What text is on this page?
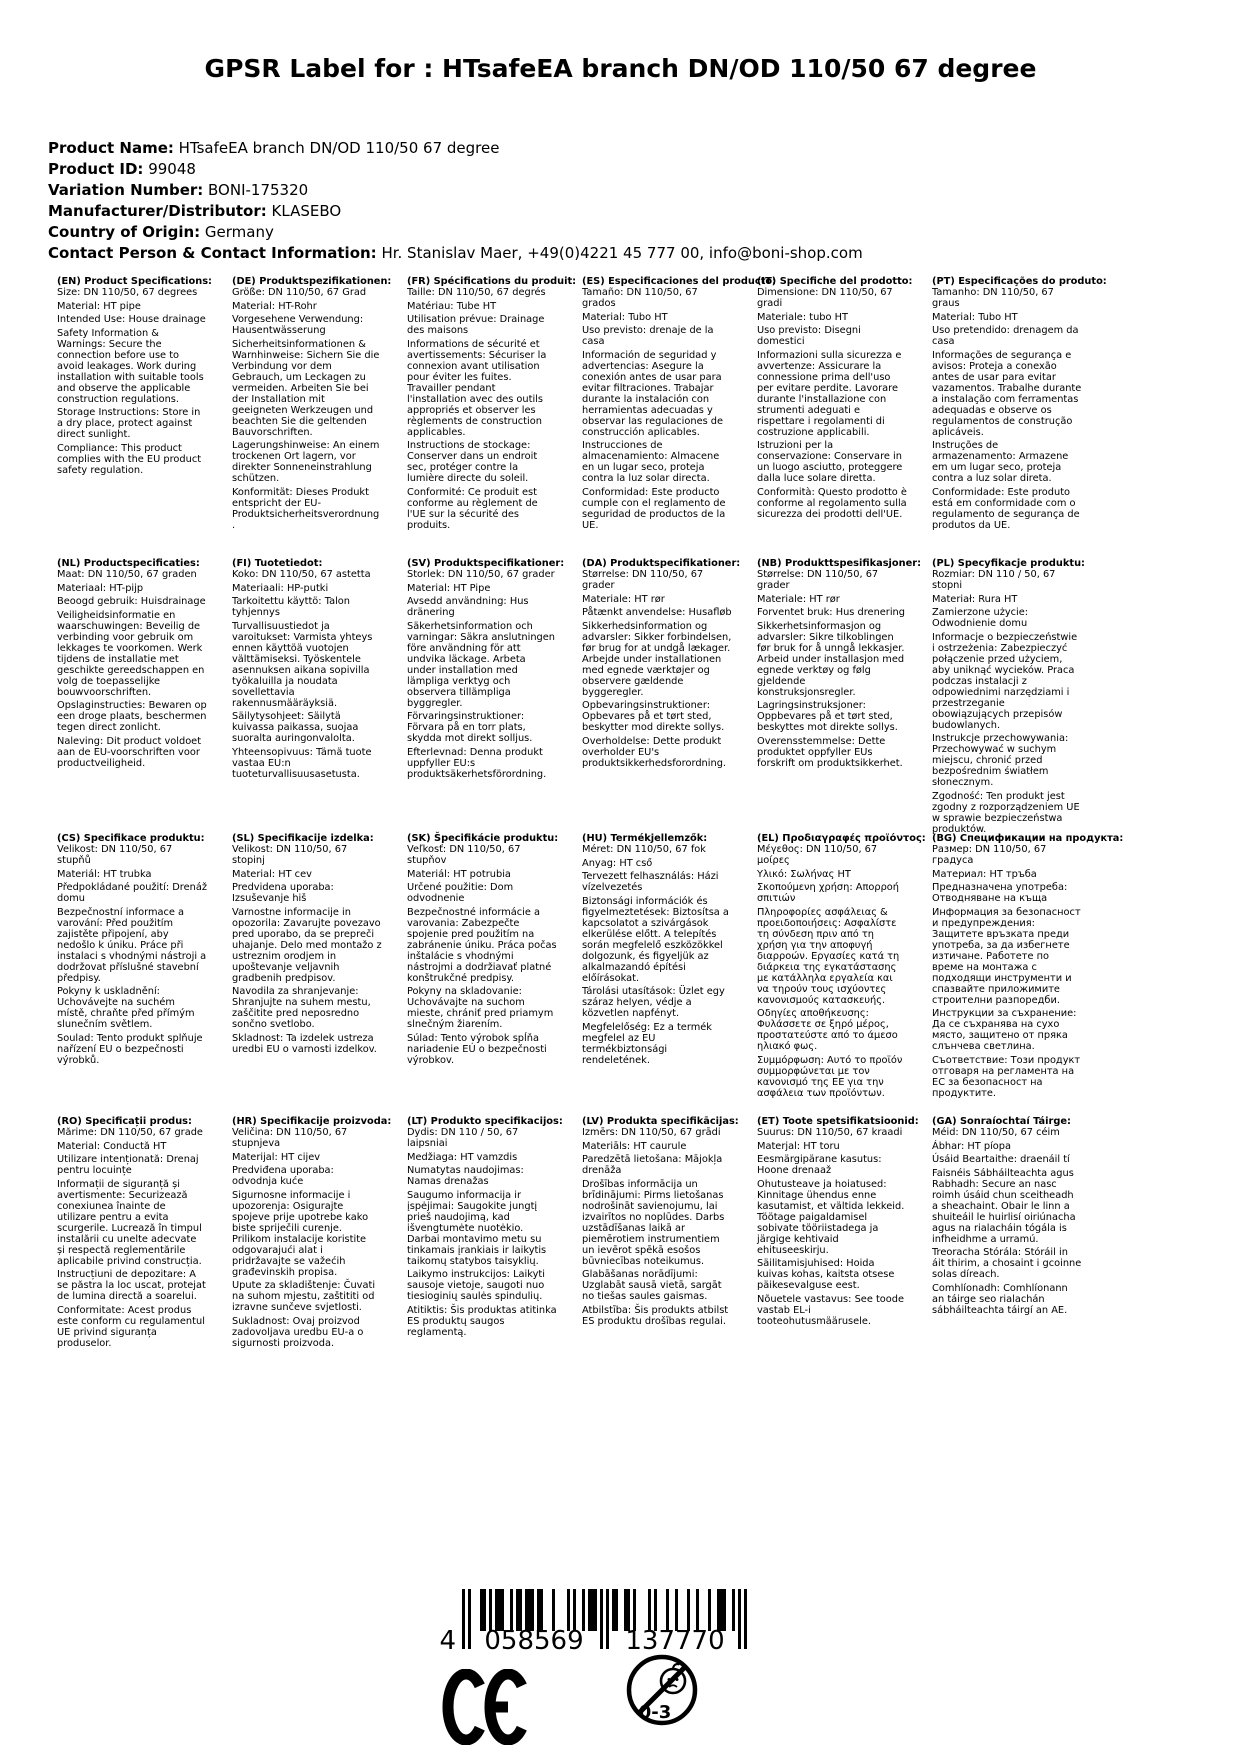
GPSR Label for : HTsafeEA branch DN/OD 110/50 67 degree
Product Name: HTsafeEA branch DN/OD 110/50 67 degree
Product ID: 99048
Variation Number: BONI-175320
Manufacturer/Distributor: KLASEBO
Country of Origin: Germany
Contact Person & Contact Information: Hr. Stanislav Maer, +49(0)4221 45 777 00, info@boni-shop.com
(EN) Product Specifications:

Size: DN 110/50, 67 degrees

Material: HT pipe

Intended Use: House drainage

Safety Information & Warnings: Secure the connection before use to avoid leakages. Work during installation with suitable tools and observe the applicable construction regulations.

Storage Instructions: Store in a dry place, protect against direct sunlight.

Compliance: This product complies with the EU product safety regulation.

(DE) Produktspezifikationen:

Größe: DN 110/50, 67 Grad

Material: HT-Rohr

Vorgesehene Verwendung: Hausentwässerung

Sicherheitsinformationen & Warnhinweise: Sichern Sie die Verbindung vor dem Gebrauch, um Leckagen zu vermeiden. Arbeiten Sie bei der Installation mit geeigneten Werkzeugen und beachten Sie die geltenden Bauvorschriften.

Lagerungshinweise: An einem trockenen Ort lagern, vor direkter Sonneneinstrahlung schützen.

Konformität: Dieses Produkt entspricht der EU-Produktsicherheitsverordnung.

(FR) Spécifications du produit:

Taille: DN 110/50, 67 degrés

Matériau: Tube HT

Utilisation prévue: Drainage des maisons

Informations de sécurité et avertissements: Sécuriser la connexion avant utilisation pour éviter les fuites. Travailler pendant l'installation avec des outils appropriés et observer les règlements de construction applicables.

Instructions de stockage: Conserver dans un endroit sec, protéger contre la lumière directe du soleil.

Conformité: Ce produit est conforme au règlement de l'UE sur la sécurité des produits.

(ES) Especificaciones del producto:

Tamaño: DN 110/50, 67 grados

Material: Tubo HT

Uso previsto: drenaje de la casa

Información de seguridad y advertencias: Asegure la conexión antes de usar para evitar filtraciones. Trabajar durante la instalación con herramientas adecuadas y observar las regulaciones de construcción aplicables.

Instrucciones de almacenamiento: Almacene en un lugar seco, proteja contra la luz solar directa.

Conformidad: Este producto cumple con el reglamento de seguridad de productos de la UE.

(IT) Specifiche del prodotto:

Dimensione: DN 110/50, 67 gradi

Materiale: tubo HT

Uso previsto: Disegni domestici

Informazioni sulla sicurezza e avvertenze: Assicurare la connessione prima dell'uso per evitare perdite. Lavorare durante l'installazione con strumenti adeguati e rispettare i regolamenti di costruzione applicabili.

Istruzioni per la conservazione: Conservare in un luogo asciutto, proteggere dalla luce solare diretta.

Conformità: Questo prodotto è conforme al regolamento sulla sicurezza dei prodotti dell'UE.

(PT) Especificações do produto:

Tamanho: DN 110/50, 67 graus

Material: Tubo HT

Uso pretendido: drenagem da casa

Informações de segurança e avisos: Proteja a conexão antes de usar para evitar vazamentos. Trabalhe durante a instalação com ferramentas adequadas e observe os regulamentos de construção aplicáveis.

Instruções de armazenamento: Armazene em um lugar seco, proteja contra a luz solar direta.

Conformidade: Este produto está em conformidade com o regulamento de segurança de produtos da UE.

(NL) Productspecificaties:

Maat: DN 110/50, 67 graden

Materiaal: HT-pijp

Beoogd gebruik: Huisdrainage

Veiligheidsinformatie en waarschuwingen: Beveilig de verbinding voor gebruik om lekkages te voorkomen. Werk tijdens de installatie met geschikte gereedschappen en volg de toepasselijke bouwvoorschriften.

Opslaginstructies: Bewaren op een droge plaats, beschermen tegen direct zonlicht.

Naleving: Dit product voldoet aan de EU-voorschriften voor productveiligheid.

(FI) Tuotetiedot:

Koko: DN 110/50, 67 astetta

Materiaali: HP-putki

Tarkoitettu käyttö: Talon tyhjennys

Turvallisuustiedot ja varoitukset: Varmista yhteys ennen käyttöä vuotojen välttämiseksi. Työskentele asennuksen aikana sopivilla työkaluilla ja noudata sovellettavia rakennusmääräyksiä.

Säilytysohjeet: Säilytä kuivassa paikassa, suojaa suoralta auringonvalolta.

Yhteensopivuus: Tämä tuote vastaa EU:n tuoteturvallisuusasetusta.

(SV) Produktspecifikationer:

Storlek: DN 110/50, 67 grader

Material: HT Pipe

Avsedd användning: Hus dränering

Säkerhetsinformation och varningar: Säkra anslutningen före användning för att undvika läckage. Arbeta under installation med lämpliga verktyg och observera tillämpliga byggregler.

Förvaringsinstruktioner: Förvara på en torr plats, skydda mot direkt solljus.

Efterlevnad: Denna produkt uppfyller EU:s produktsäkerhetsförordning.

(DA) Produktspecifikationer:

Størrelse: DN 110/50, 67 grader

Materiale: HT rør

Påtænkt anvendelse: Husafløb

Sikkerhedsinformation og advarsler: Sikker forbindelsen, før brug for at undgå lækager. Arbejde under installationen med egnede værktøjer og observere gældende byggeregler.

Opbevaringsinstruktioner: Opbevares på et tørt sted, beskytter mod direkte sollys.

Overholdelse: Dette produkt overholder EU's produktsikkerhedsforordning.

(NB) Produkttspesifikasjoner:

Størrelse: DN 110/50, 67 grader

Materiale: HT rør

Forventet bruk: Hus drenering

Sikkerhetsinformasjon og advarsler: Sikre tilkoblingen før bruk for å unngå lekkasjer. Arbeid under installasjon med egnede verktøy og følg gjeldende konstruksjonsregler.

Lagringsinstruksjoner: Oppbevares på et tørt sted, beskyttes mot direkte sollys.

Overensstemmelse: Dette produktet oppfyller EUs forskrift om produktsikkerhet.

(PL) Specyfikacje produktu:

Rozmiar: DN 110 / 50, 67 stopni

Materiał: Rura HT

Zamierzone użycie: Odwodnienie domu

Informacje o bezpieczeństwie i ostrzeżenia: Zabezpieczyć połączenie przed użyciem, aby uniknąć wycieków. Praca podczas instalacji z odpowiednimi narzędziami i przestrzeganie obowiązujących przepisów budowlanych.

Instrukcje przechowywania: Przechowywać w suchym miejscu, chronić przed bezpośrednim światłem słonecznym.

Zgodność: Ten produkt jest zgodny z rozporządzeniem UE w sprawie bezpieczeństwa produktów.

(CS) Specifikace produktu:

Velikost: DN 110/50, 67 stupňů

Materiál: HT trubka

Předpokládané použití: Drenáž domu

Bezpečnostní informace a varování: Před použitím zajistěte připojení, aby nedošlo k úniku. Práce při instalaci s vhodnými nástroji a dodržovat příslušné stavební předpisy.

Pokyny k uskladnění: Uchovávejte na suchém místě, chraňte před přímým slunečním světlem.

Soulad: Tento produkt splňuje nařízení EU o bezpečnosti výrobků.

(SL) Specifikacije izdelka:

Velikost: DN 110/50, 67 stopinj

Material: HT cev

Predvidena uporaba: Izsuševanje hiš

Varnostne informacije in opozorila: Zavarujte povezavo pred uporabo, da se prepreči uhajanje. Delo med montažo z ustreznim orodjem in upoštevanje veljavnih gradbenih predpisov.

Navodila za shranjevanje: Shranjujte na suhem mestu, zaščitite pred neposredno sončno svetlobo.

Skladnost: Ta izdelek ustreza uredbi EU o varnosti izdelkov.

(SK) Špecifikácie produktu:

Veľkosť: DN 110/50, 67 stupňov

Materiál: HT potrubia

Určené použitie: Dom odvodnenie

Bezpečnostné informácie a varovania: Zabezpečte spojenie pred použitím na zabránenie úniku. Práca počas inštalácie s vhodnými nástrojmi a dodržiavať platné konštrukčné predpisy.

Pokyny na skladovanie: Uchovávajte na suchom mieste, chrániť pred priamym slnečným žiarením.

Súlad: Tento výrobok spĺňa nariadenie EÚ o bezpečnosti výrobkov.

(HU) Termékjellemzők:

Méret: DN 110/50, 67 fok

Anyag: HT cső

Tervezett felhasználás: Házi vízelvezetés

Biztonsági információk és figyelmeztetések: Biztosítsa a kapcsolatot a szivárgások elkerülése előtt. A telepítés során megfelelő eszközökkel dolgozunk, és figyeljük az alkalmazandó építési előírásokat.

Tárolási utasítások: Üzlet egy száraz helyen, védje a közvetlen napfényt.

Megfelelőség: Ez a termék megfelel az EU termékbiztonsági rendeletének.

(EL) Προδιαγραφές προϊόντος:

Μέγεθος: DN 110/50, 67 μοίρες

Υλικό: Σωλήνας HT

Σκοπούμενη χρήση: Απορροή σπιτιών

Πληροφορίες ασφάλειας & προειδοποιήσεις: Ασφαλίστε τη σύνδεση πριν από τη χρήση για την αποφυγή διαρροών. Εργασίες κατά τη διάρκεια της εγκατάστασης με κατάλληλα εργαλεία και να τηρούν τους ισχύοντες κανονισμούς κατασκευής.

Οδηγίες αποθήκευσης: Φυλάσσετε σε ξηρό μέρος, προστατεύστε από το άμεσο ηλιακό φως.

Συμμόρφωση: Αυτό το προϊόν συμμορφώνεται με τον κανονισμό της ΕΕ για την ασφάλεια των προϊόντων.

(BG) Спецификации на продукта:

Размер: DN 110/50, 67 градуса

Материал: HT тръба

Предназначена употреба: Отводняване на къща

Информация за безопасност и предупреждения: Защитете връзката преди употреба, за да избегнете изтичане. Работете по време на монтажа с подходящи инструменти и спазвайте приложимите строителни разпоредби.

Инструкции за съхранение: Да се съхранява на сухо място, защитено от пряка слънчева светлина.

Съответствие: Този продукт отговаря на регламента на ЕС за безопасност на продуктите.

(RO) Specificații produs:

Mărime: DN 110/50, 67 grade

Material: Conductă HT

Utilizare intenționată: Drenaj pentru locuințe

Informații de siguranță și avertismente: Securizează conexiunea înainte de utilizare pentru a evita scurgerile. Lucrează în timpul instalării cu unelte adecvate și respectă reglementările aplicabile privind construcția.

Instrucțiuni de depozitare: A se păstra la loc uscat, protejat de lumina directă a soarelui.

Conformitate: Acest produs este conform cu regulamentul UE privind siguranța produselor.

(HR) Specifikacije proizvoda:

Veličina: DN 110/50, 67 stupnjeva

Materijal: HT cijev

Predviđena uporaba: odvodnja kuće

Sigurnosne informacije i upozorenja: Osigurajte spojeve prije upotrebe kako biste spriječili curenje. Prilikom instalacije koristite odgovarajući alat i pridržavajte se važećih građevinskih propisa.

Upute za skladištenje: Čuvati na suhom mjestu, zaštititi od izravne sunčeve svjetlosti.

Sukladnost: Ovaj proizvod zadovoljava uredbu EU-a o sigurnosti proizvoda.

(LT) Produkto specifikacijos:

Dydis: DN 110 / 50, 67 laipsniai

Medžiaga: HT vamzdis

Numatytas naudojimas: Namas drenažas

Saugumo informacija ir įspėjimai: Saugokite jungtį prieš naudojimą, kad išvengtumėte nuotėkio. Darbai montavimo metu su tinkamais įrankiais ir laikytis taikomų statybos taisyklių.

Laikymo instrukcijos: Laikyti sausoje vietoje, saugoti nuo tiesioginių saulės spindulių.

Atitiktis: Šis produktas atitinka ES produktų saugos reglamentą.

(LV) Produkta specifikācijas:

Izmērs: DN 110/50, 67 grādi

Materiāls: HT caurule

Paredzētā lietošana: Mājokļa drenāža

Drošības informācija un brīdinājumi: Pirms lietošanas nodrošināt savienojumu, lai izvairītos no noplūdes. Darbs uzstādīšanas laikā ar piemērotiem instrumentiem un ievērot spēkā esošos būvniecības noteikumus.

Glabāšanas norādījumi: Uzglabāt sausā vietā, sargāt no tiešas saules gaismas.

Atbilstība: Šis produkts atbilst ES produktu drošības regulai.

(ET) Toote spetsifikatsioonid:

Suurus: DN 110/50, 67 kraadi

Materjal: HT toru

Eesmärgipärane kasutus: Hoone drenaaž

Ohutusteave ja hoiatused: Kinnitage ühendus enne kasutamist, et vältida lekkeid. Töötage paigaldamisel sobivate tööriistadega ja järgige kehtivaid ehituseeskirju.

Säilitamisjuhised: Hoida kuivas kohas, kaitsta otsese päikesevalguse eest.

Nõuetele vastavus: See toode vastab EL-i tooteohutusmäärusele.

(GA) Sonraíochtaí Táirge:

Méid: DN 110/50, 67 céim

Ábhar: HT píopa

Úsáid Beartaithe: draenáil tí

Faisnéis Sábháilteachta agus Rabhadh: Secure an nasc roimh úsáid chun sceitheadh a sheachaint. Obair le linn a shuiteáil le huirlisí oiriúnacha agus na rialacháin tógála is infheidhme a urramú.

Treoracha Stórála: Stóráil in áit thirim, a chosaint i gcoinne solas díreach.

Comhlíonadh: Comhlíonann an táirge seo rialachán sábháilteachta táirgí an AE.

4	058569	137770
0-3
